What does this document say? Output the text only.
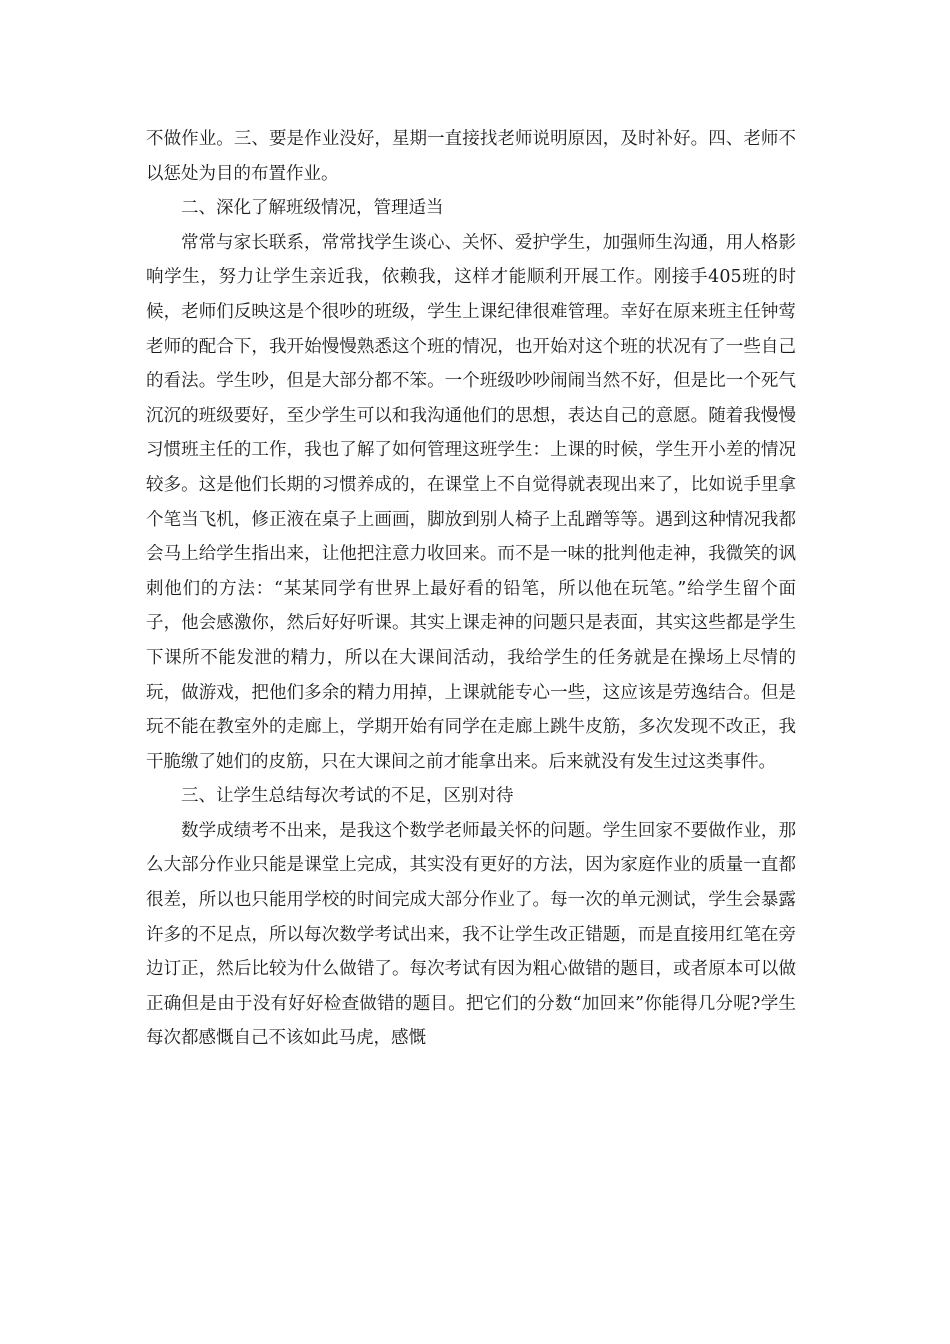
不做作业。三、要是作业没好，星期一直接找老师说明原因，及时补好。四、老师不以惩处为目的布置作业。

二、深化了解班级情况，管理适当

常常与家长联系，常常找学生谈心、关怀、爱护学生，加强师生沟通，用人格影响学生，努力让学生亲近我，依赖我，这样才能顺利开展工作。刚接手405班的时候，老师们反映这是个很吵的班级，学生上课纪律很难管理。幸好在原来班主任钟莺老师的配合下，我开始慢慢熟悉这个班的情况，也开始对这个班的状况有了一些自己的看法。学生吵，但是大部分都不笨。一个班级吵吵闹闹当然不好，但是比一个死气沉沉的班级要好，至少学生可以和我沟通他们的思想，表达自己的意愿。随着我慢慢习惯班主任的工作，我也了解了如何管理这班学生：上课的时候，学生开小差的情况较多。这是他们长期的习惯养成的，在课堂上不自觉得就表现出来了，比如说手里拿个笔当飞机，修正液在桌子上画画，脚放到别人椅子上乱蹭等等。遇到这种情况我都会马上给学生指出来，让他把注意力收回来。而不是一味的批判他走神，我微笑的讽刺他们的方法：“某某同学有世界上最好看的铅笔，所以他在玩笔。”给学生留个面子，他会感激你，然后好好听课。其实上课走神的问题只是表面，其实这些都是学生下课所不能发泄的精力，所以在大课间活动，我给学生的任务就是在操场上尽情的玩，做游戏，把他们多余的精力用掉，上课就能专心一些，这应该是劳逸结合。但是玩不能在教室外的走廊上，学期开始有同学在走廊上跳牛皮筋，多次发现不改正，我干脆缴了她们的皮筋，只在大课间之前才能拿出来。后来就没有发生过这类事件。

三、让学生总结每次考试的不足，区别对待

数学成绩考不出来，是我这个数学老师最关怀的问题。学生回家不要做作业，那么大部分作业只能是课堂上完成，其实没有更好的方法，因为家庭作业的质量一直都很差，所以也只能用学校的时间完成大部分作业了。每一次的单元测试，学生会暴露许多的不足点，所以每次数学考试出来，我不让学生改正错题，而是直接用红笔在旁边订正，然后比较为什么做错了。每次考试有因为粗心做错的题目，或者原本可以做正确但是由于没有好好检查做错的题目。把它们的分数“加回来”你能得几分呢?学生每次都感慨自己不该如此马虎，感慨
